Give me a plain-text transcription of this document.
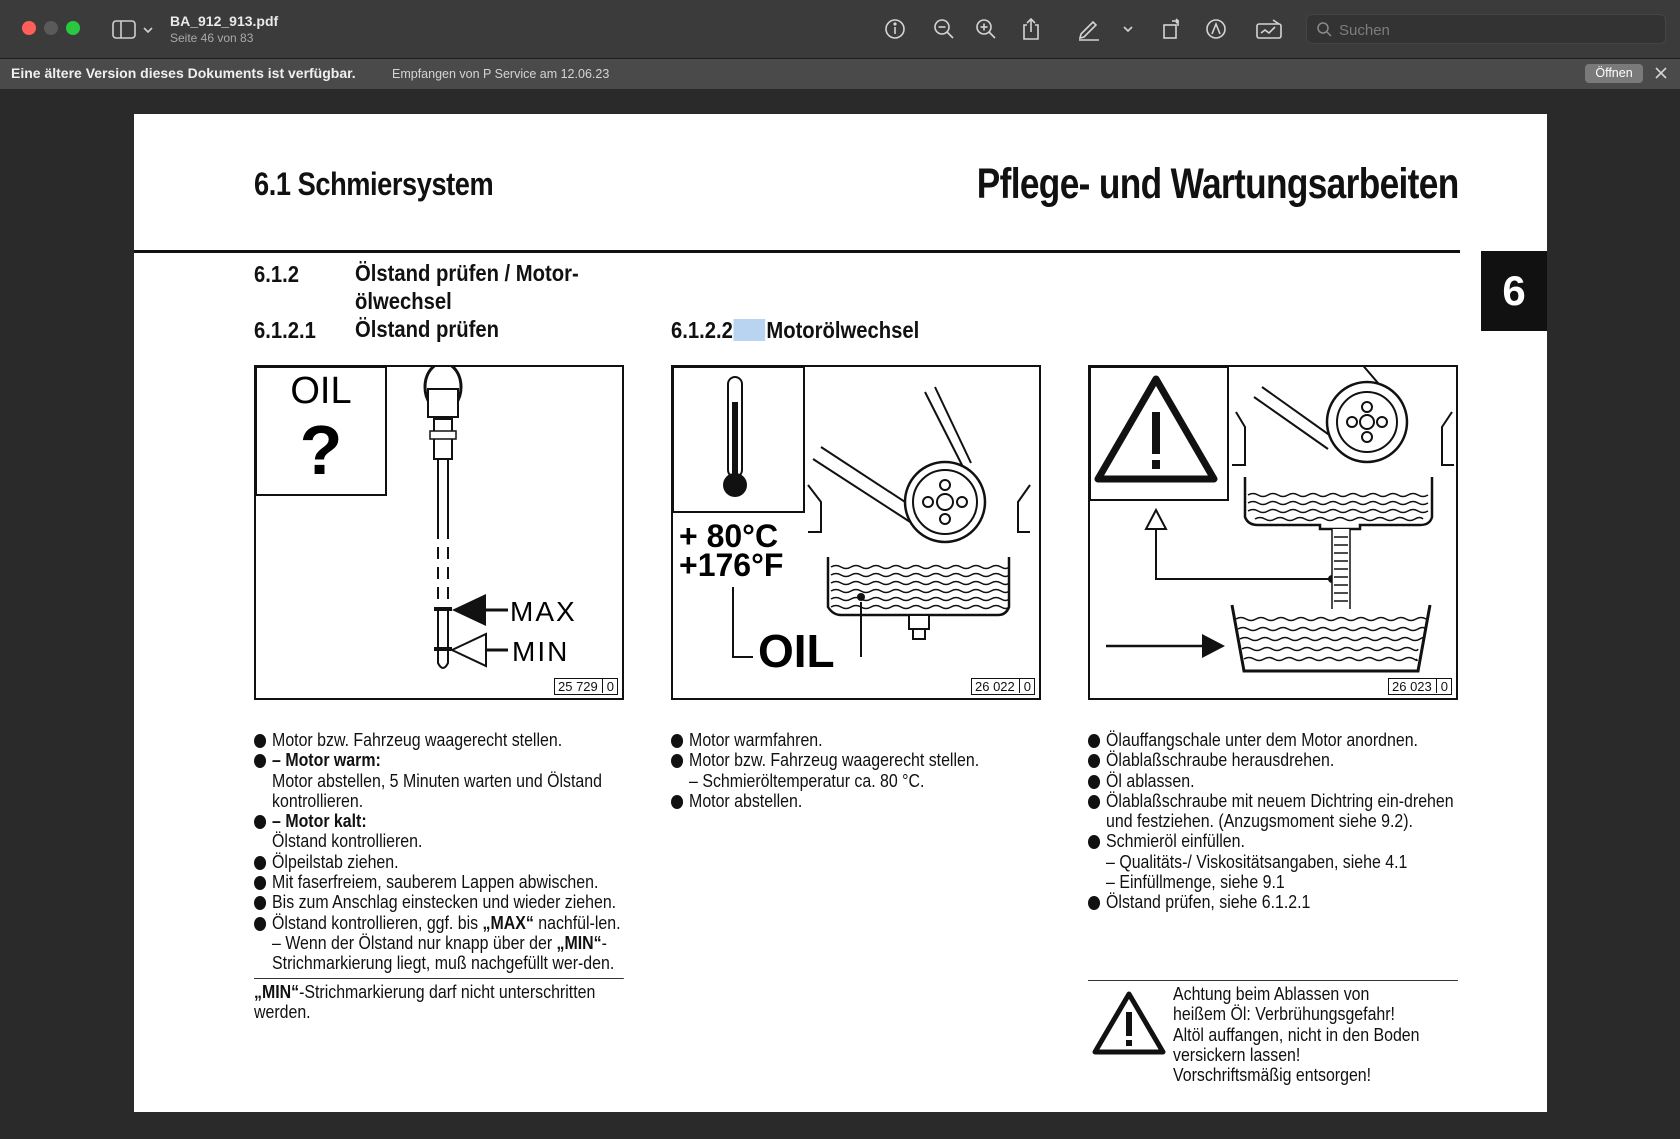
BA_912_913.pdf
Seite 46 von 83
Suchen
Eine ältere Version dieses Dokuments ist verfügbar.	Empfangen von P Service am 12.06.23	Öffnen
6.1 Schmiersystem	Pflege- und Wartungsarbeiten
6
6.1.2 Ölstand prüfen / Motor-
ölwechsel
6.1.2.1 Ölstand prüfen	6.1.2.2 Motorölwechsel
OIL
?
MAX
MIN
25 729 0
+ 80°C
+176°F
OIL
26 022 0	26 023 0
Motor bzw. Fahrzeug waagerecht stellen.
– Motor warm:
Motor abstellen, 5 Minuten warten und Ölstand kontrollieren.
– Motor kalt:
Ölstand kontrollieren.
Ölpeilstab ziehen.
Mit faserfreiem, sauberem Lappen abwischen.
Bis zum Anschlag einstecken und wieder ziehen.
Ölstand kontrollieren, ggf. bis „MAX“ nachfül-len.
– Wenn der Ölstand nur knapp über der „MIN“-Strichmarkierung liegt, muß nachgefüllt wer-den.
„MIN“-Strichmarkierung darf nicht unterschritten werden.
Motor warmfahren.
Motor bzw. Fahrzeug waagerecht stellen.
– Schmieröltemperatur ca. 80 °C.
Motor abstellen.
Ölauffangschale unter dem Motor anordnen.
Ölablaßschraube herausdrehen.
Öl ablassen.
Ölablaßschraube mit neuem Dichtring ein-drehen und festziehen. (Anzugsmoment siehe 9.2).
Schmieröl einfüllen.
– Qualitäts-/ Viskositätsangaben, siehe 4.1
– Einfüllmenge, siehe 9.1
Ölstand prüfen, siehe 6.1.2.1
Achtung beim Ablassen von
heißem Öl: Verbrühungsgefahr!
Altöl auffangen, nicht in den Boden
versickern lassen!
Vorschriftsmäßig entsorgen!
